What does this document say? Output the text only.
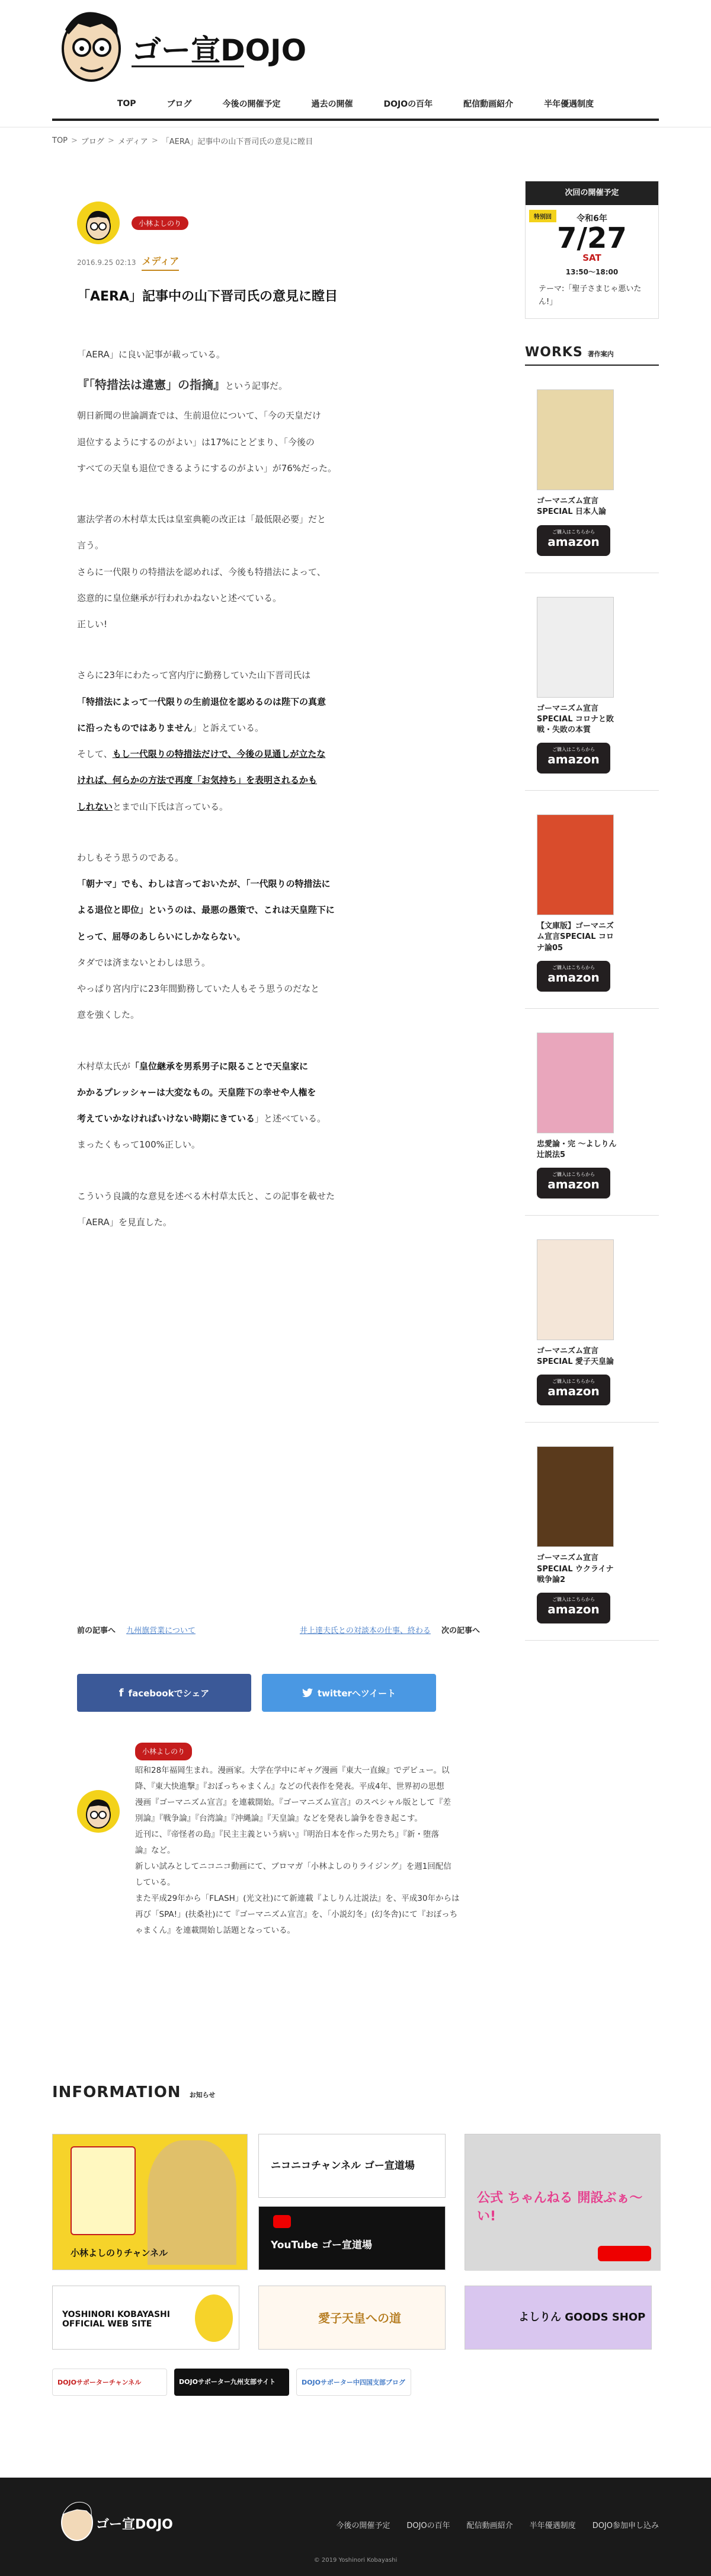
ゴー宣DOJO
TOP	ブログ	今後の開催予定	過去の開催	DOJOの百年	配信動画紹介	半年優遇制度
TOP > ブログ > メディア > 「AERA」記事中の山下晋司氏の意見に瞠目
小林よしのり
2016.9.25 02:13 メディア
「AERA」記事中の山下晋司氏の意見に瞠目

「AERA」に良い記事が載っている。

『「特措法は違憲」の指摘』という記事だ。

朝日新聞の世論調査では、生前退位について、「今の天皇だけ

退位するようにするのがよい」は17%にとどまり、「今後の

すべての天皇も退位できるようにするのがよい」が76%だった。

憲法学者の木村草太氏は皇室典範の改正は「最低限必要」だと

言う。

さらに一代限りの特措法を認めれば、今後も特措法によって、

恣意的に皇位継承が行われかねないと述べている。

正しい!

さらに23年にわたって宮内庁に勤務していた山下晋司氏は

「特措法によって一代限りの生前退位を認めるのは陛下の真意

に沿ったものではありません」と訴えている。

そして、もし一代限りの特措法だけで、今後の見通しが立たな

ければ、何らかの方法で再度「お気持ち」を表明されるかも

しれないとまで山下氏は言っている。

わしもそう思うのである。

「朝ナマ」でも、わしは言っておいたが、「一代限りの特措法に

よる退位と即位」というのは、最悪の愚策で、これは天皇陛下に

とって、屈辱のあしらいにしかならない。

タダでは済まないとわしは思う。

やっぱり宮内庁に23年間勤務していた人もそう思うのだなと

意を強くした。

木村草太氏が「皇位継承を男系男子に限ることで天皇家に

かかるプレッシャーは大変なもの。天皇陛下の幸せや人権を

考えていかなければいけない時期にきている」と述べている。

まったくもって100%正しい。

こういう良識的な意見を述べる木村草太氏と、この記事を載せた

「AERA」を見直した。

前の記事へ 九州旗営業について	井上達夫氏との対談本の仕事、終わる 次の記事へ
f facebookでシェア	twitterへツイート
小林よしのり
昭和28年福岡生まれ。漫画家。大学在学中にギャグ漫画『東大一直線』でデビュー。以
降、『東大快進撃』『おぼっちゃまくん』などの代表作を発表。平成4年、世界初の思想
漫画『ゴーマニズム宣言』を連載開始。『ゴーマニズム宣言』のスペシャル版として『差
別論』『戦争論』『台湾論』『沖縄論』『天皇論』などを発表し論争を巻き起こす。
近刊に、『帝怪者の島』『民主主義という病い』『明治日本を作った男たち』『新・堕落
論』など。
新しい試みとしてニコニコ動画にて、ブロマガ「小林よしのりライジング」を週1回配信
している。
また平成29年から「FLASH」(光文社)にて新連載『よしりん辻説法』を、平成30年からは
再び「SPA!」(扶桑社)にて『ゴーマニズム宣言』を、「小説幻冬」(幻冬舎)にて『おぼっち
ゃまくん』を連載開始し話題となっている。
次回の開催予定
特別回	令和6年
7/27
SAT
13:50〜18:00
テーマ:「聖子さまじゃ悪いたん!」
WORKS 著作案内
ゴーマニズム宣言SPECIAL 日本人論
ご購入はこちらから
amazon
ゴーマニズム宣言SPECIAL コロナと敗戦・失敗の本質
ご購入はこちらから
amazon
【文庫版】ゴーマニズム宣言SPECIAL コロナ論05
ご購入はこちらから
amazon
忠愛論・完 ～よしりん辻説法5
ご購入はこちらから
amazon
ゴーマニズム宣言SPECIAL 愛子天皇論
ご購入はこちらから
amazon
ゴーマニズム宣言SPECIAL ウクライナ戦争論2
ご購入はこちらから
amazon
INFORMATION お知らせ
小林よしのりチャンネル
ニコニコチャンネル ゴー宣道場
公式 ちゃんねる 開設ぶぁ～い!
YouTube ゴー宣道場
YOSHINORI KOBAYASHI OFFICIAL WEB SITE	愛子天皇への道	よしりん GOODS SHOP
DOJOサポーターチャンネル	DOJOサポーター九州支部サイト	DOJOサポーター中四国支部ブログ
ゴー宣DOJO	今後の開催予定 DOJOの百年 配信動画紹介 半年優遇制度 DOJO参加申し込み
© 2019 Yoshinori Kobayashi
